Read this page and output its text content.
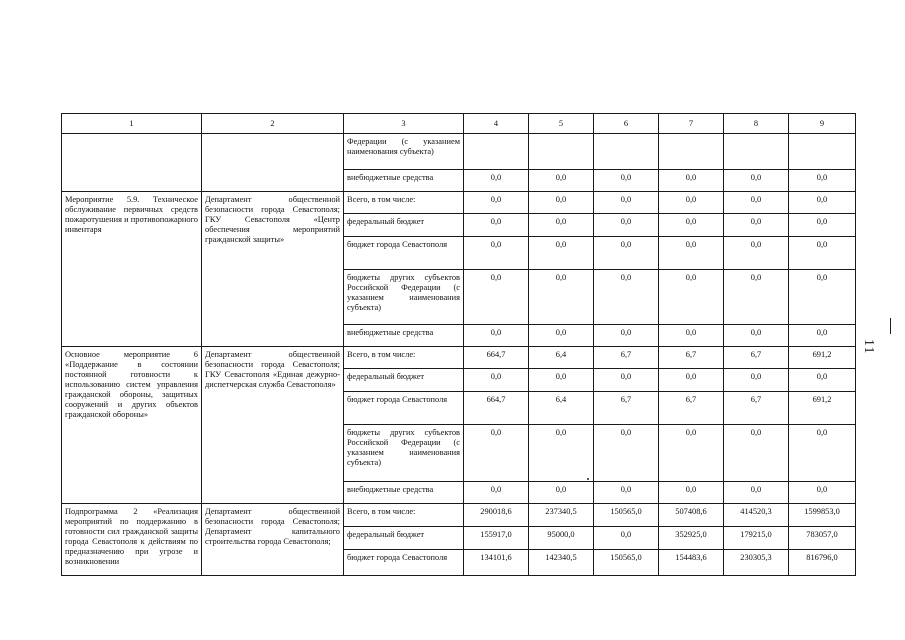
1	2	3	4	5	6	7	8	9
		Федерации (с указанием наименования субъекта)						
		внебюджетные средства	0,0	0,0	0,0	0,0	0,0	0,0
Мероприятие 5.9. Техническое обслуживание первичных средств пожаротушения и противопожарного инвентаря	Департамент общественной безопасности города Севастополя; ГКУ Севастополя «Центр обеспечения мероприятий гражданской защиты»	Всего, в том числе:	0,0	0,0	0,0	0,0	0,0	0,0
		федеральный бюджет	0,0	0,0	0,0	0,0	0,0	0,0
		бюджет города Севастополя	0,0	0,0	0,0	0,0	0,0	0,0
		бюджеты других субъектов Российской Федерации (с указанием наименования субъекта)	0,0	0,0	0,0	0,0	0,0	0,0
		внебюджетные средства	0,0	0,0	0,0	0,0	0,0	0,0
Основное мероприятие 6 «Поддержание в состоянии постоянной готовности к использованию систем управления гражданской обороны, защитных сооружений и других объектов гражданской обороны»	Департамент общественной безопасности города Севастополя; ГКУ Севастополя «Единая дежурно-диспетчерская служба Севастополя»	Всего, в том числе:	664,7	6,4	6,7	6,7	6,7	691,2
		федеральный бюджет	0,0	0,0	0,0	0,0	0,0	0,0
		бюджет города Севастополя	664,7	6,4	6,7	6,7	6,7	691,2
		бюджеты других субъектов Российской Федерации (с указанием наименования субъекта)	0,0	0,0	0,0	0,0	0,0	0,0
		внебюджетные средства	0,0	0,0	0,0	0,0	0,0	0,0
Подпрограмма 2 «Реализация мероприятий по поддержанию в готовности сил гражданской защиты города Севастополя к действиям по предназначению при угрозе и возникновении	Департамент общественной безопасности города Севастополя; Департамент капитального строительства города Севастополя;	Всего, в том числе:	290018,6	237340,5	150565,0	507408,6	414520,3	1599853,0
		федеральный бюджет	155917,0	95000,0	0,0	352925,0	179215,0	783057,0
		бюджет города Севастополя	134101,6	142340,5	150565,0	154483,6	230305,3	816796,0
11
